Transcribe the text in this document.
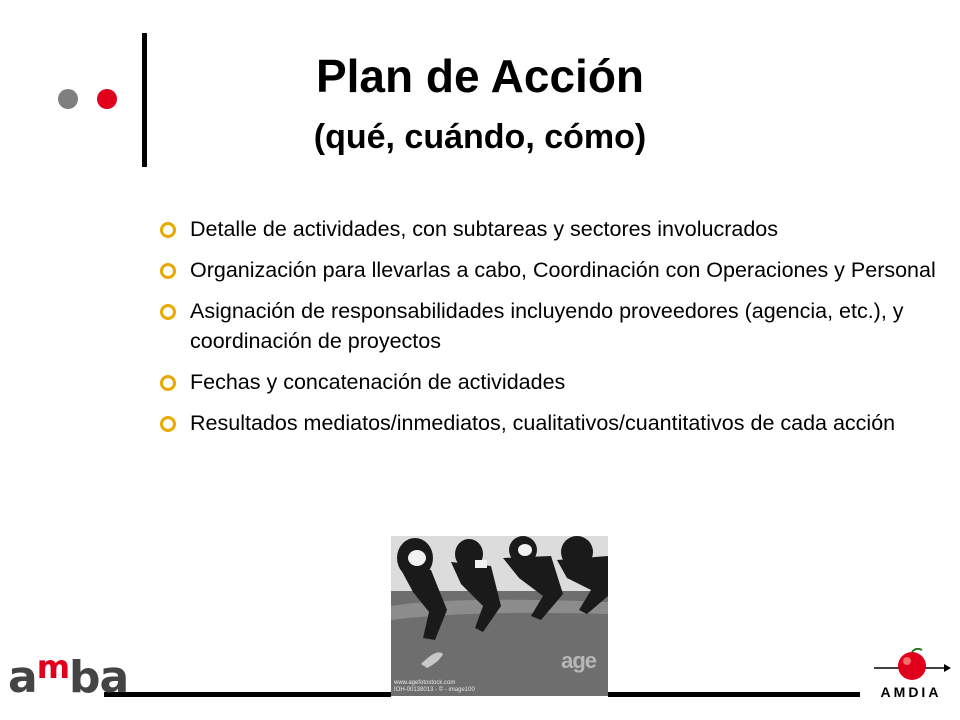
Plan de Acción
(qué, cuándo, cómo)
Detalle de actividades, con subtareas y sectores involucrados
Organización para llevarlas a cabo, Coordinación con Operaciones y Personal
Asignación de responsabilidades incluyendo proveedores (agencia, etc.), y coordinación de proyectos
Fechas y concatenación de actividades
Resultados mediatos/inmediatos, cualitativos/cuantitativos de cada acción
age
www.agefotostock.com
IOH-00138013 - © - image100
$a^mba$	AMDIA
